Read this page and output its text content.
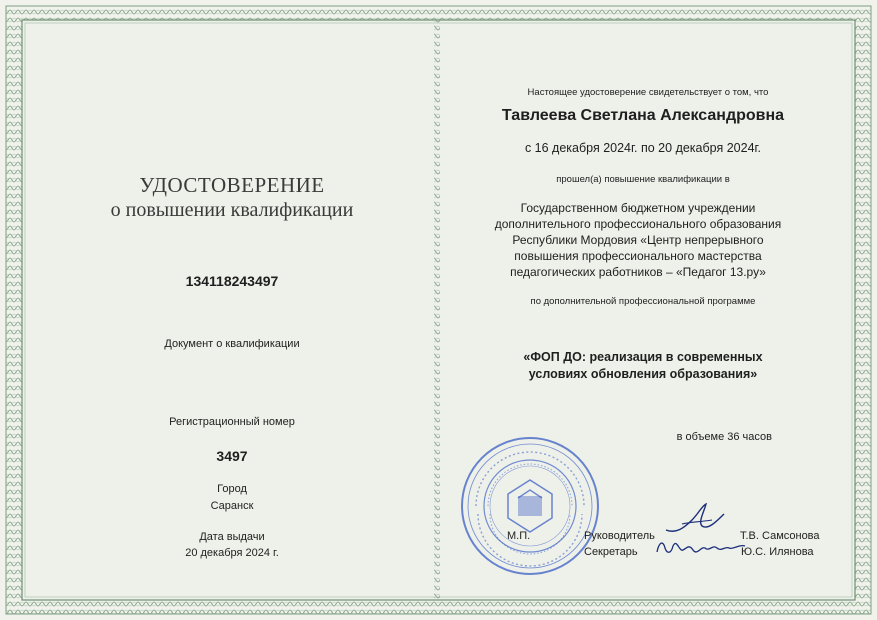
УДОСТОВЕРЕНИЕ
о повышении квалификации
134118243497
Документ о квалификации
Регистрационный номер
3497
Город
Саранск
Дата выдачи
20 декабря 2024 г.
Настоящее удостоверение свидетельствует о том, что
Тавлеева Светлана Александровна
с 16 декабря 2024г. по 20 декабря 2024г.
прошел(а) повышение квалификации в
Государственном бюджетном учреждении
дополнительного профессионального образования
Республики Мордовия «Центр непрерывного
повышения профессионального мастерства
педагогических работников – «Педагог 13.ру»
по дополнительной профессиональной программе
«ФОП ДО: реализация в современных
условиях обновления образования»
в объеме 36 часов
М.П.	Руководитель
Секретарь
Т.В. Самсонова
Ю.С. Илянова
